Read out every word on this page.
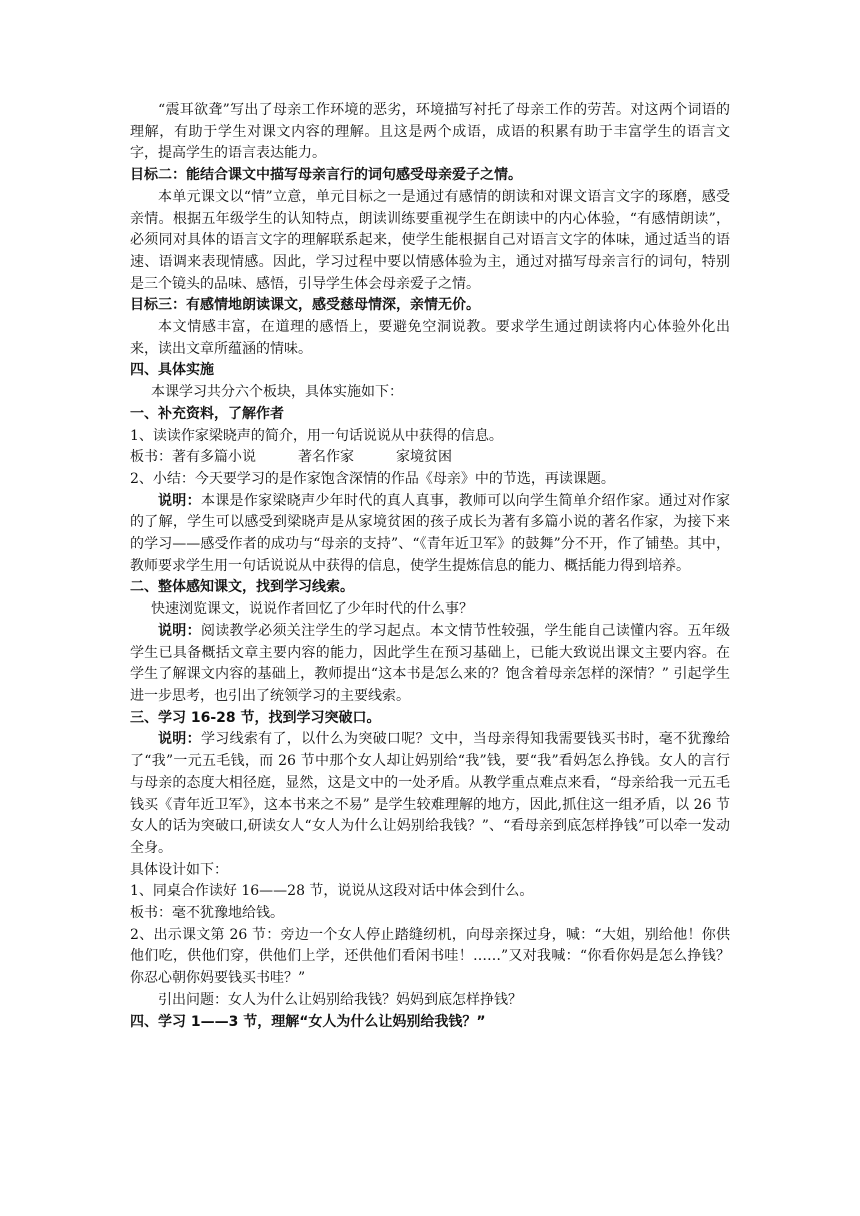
“震耳欲聋”写出了母亲工作环境的恶劣，环境描写衬托了母亲工作的劳苦。对这两个词语的理解，有助于学生对课文内容的理解。且这是两个成语，成语的积累有助于丰富学生的语言文字，提高学生的语言表达能力。

目标二：能结合课文中描写母亲言行的词句感受母亲爱子之情。

本单元课文以“情”立意，单元目标之一是通过有感情的朗读和对课文语言文字的琢磨，感受亲情。根据五年级学生的认知特点，朗读训练要重视学生在朗读中的内心体验，“有感情朗读”，必须同对具体的语言文字的理解联系起来，使学生能根据自己对语言文字的体味，通过适当的语速、语调来表现情感。因此，学习过程中要以情感体验为主，通过对描写母亲言行的词句，特别是三个镜头的品味、感悟，引导学生体会母亲爱子之情。

目标三：有感情地朗读课文，感受慈母情深，亲情无价。

本文情感丰富，在道理的感悟上，要避免空洞说教。要求学生通过朗读将内心体验外化出来，读出文章所蕴涵的情味。

四、具体实施

本课学习共分六个板块，具体实施如下：

一、补充资料，了解作者

1、读读作家梁晓声的简介，用一句话说说从中获得的信息。

板书：著有多篇小说	著名作家	家境贫困

2、小结：今天要学习的是作家饱含深情的作品《母亲》中的节选，再读课题。

说明：本课是作家梁晓声少年时代的真人真事，教师可以向学生简单介绍作家。通过对作家的了解，学生可以感受到梁晓声是从家境贫困的孩子成长为著有多篇小说的著名作家，为接下来的学习——感受作者的成功与“母亲的支持”、“《青年近卫军》的鼓舞”分不开，作了铺垫。其中，教师要求学生用一句话说说从中获得的信息，使学生提炼信息的能力、概括能力得到培养。

二、整体感知课文，找到学习线索。

快速浏览课文，说说作者回忆了少年时代的什么事？

说明：阅读教学必须关注学生的学习起点。本文情节性较强，学生能自己读懂内容。五年级学生已具备概括文章主要内容的能力，因此学生在预习基础上，已能大致说出课文主要内容。在学生了解课文内容的基础上，教师提出“这本书是怎么来的？饱含着母亲怎样的深情？” 引起学生进一步思考，也引出了统领学习的主要线索。

三、学习 16-28 节，找到学习突破口。

说明：学习线索有了，以什么为突破口呢？文中，当母亲得知我需要钱买书时，毫不犹豫给了“我”一元五毛钱，而 26 节中那个女人却让妈别给“我”钱，要“我”看妈怎么挣钱。女人的言行与母亲的态度大相径庭，显然，这是文中的一处矛盾。从教学重点难点来看，“母亲给我一元五毛钱买《青年近卫军》，这本书来之不易” 是学生较难理解的地方，因此,抓住这一组矛盾，以 26 节女人的话为突破口,研读女人“女人为什么让妈别给我钱？”、“看母亲到底怎样挣钱”可以牵一发动全身。

具体设计如下：

1、同桌合作读好 16——28 节，说说从这段对话中体会到什么。

板书：毫不犹豫地给钱。

2、出示课文第 26 节：旁边一个女人停止踏缝纫机，向母亲探过身，喊：“大姐，别给他！你供他们吃，供他们穿，供他们上学，还供他们看闲书哇！……”又对我喊：“你看你妈是怎么挣钱？你忍心朝你妈要钱买书哇？”

引出问题：女人为什么让妈别给我钱？妈妈到底怎样挣钱？

四、学习 1——3 节，理解“女人为什么让妈别给我钱？”
